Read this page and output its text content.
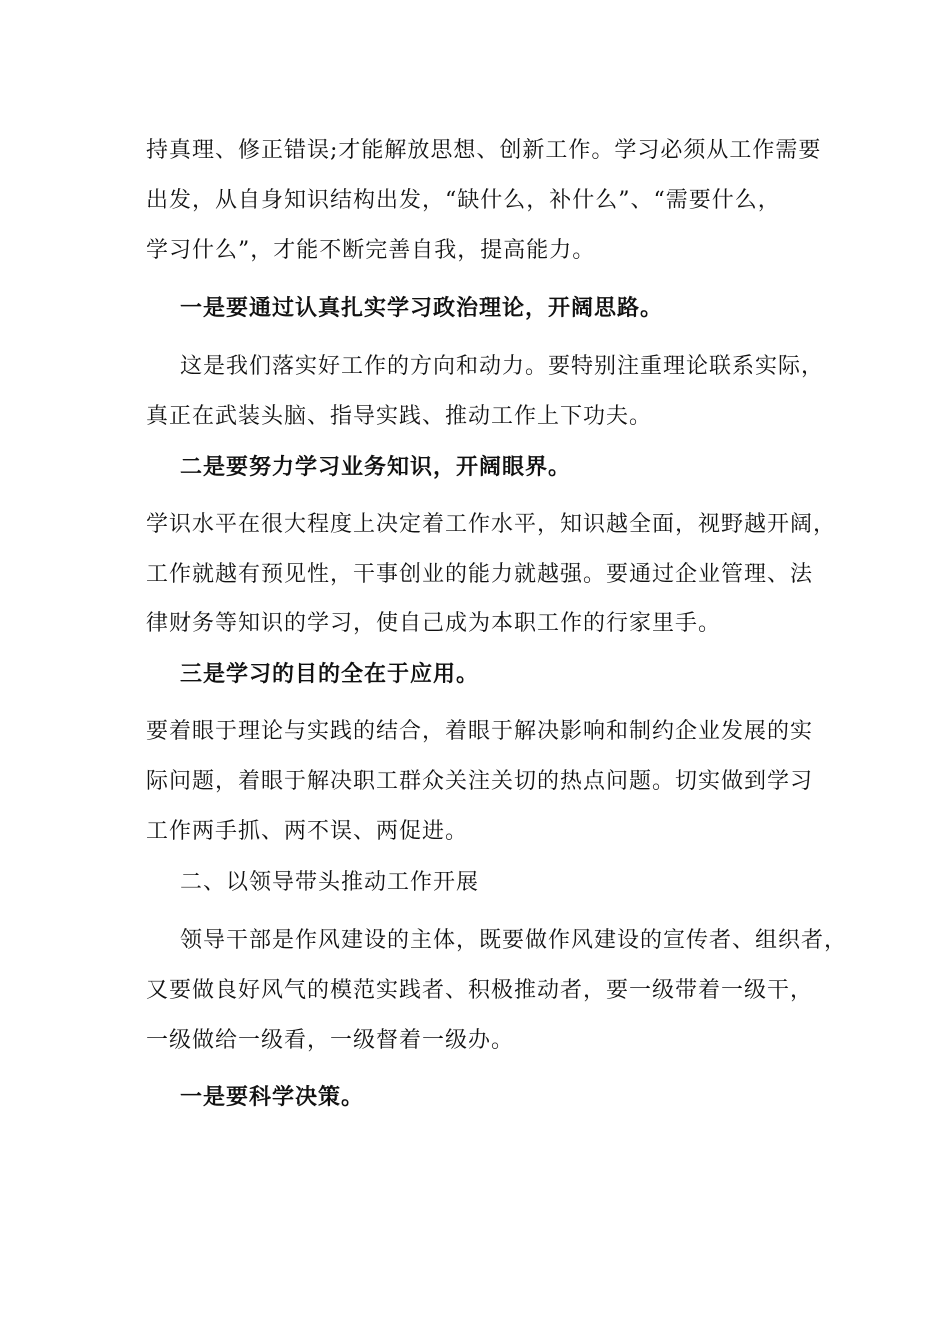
持真理、修正错误;才能解放思想、创新工作。学习必须从工作需要
出发，从自身知识结构出发，“缺什么，补什么”、“需要什么，
学习什么”，才能不断完善自我，提高能力。
一是要通过认真扎实学习政治理论，开阔思路。
这是我们落实好工作的方向和动力。要特别注重理论联系实际，
真正在武装头脑、指导实践、推动工作上下功夫。
二是要努力学习业务知识，开阔眼界。
学识水平在很大程度上决定着工作水平，知识越全面，视野越开阔，
工作就越有预见性，干事创业的能力就越强。要通过企业管理、法
律财务等知识的学习，使自己成为本职工作的行家里手。
三是学习的目的全在于应用。
要着眼于理论与实践的结合，着眼于解决影响和制约企业发展的实
际问题，着眼于解决职工群众关注关切的热点问题。切实做到学习
工作两手抓、两不误、两促进。
二、以领导带头推动工作开展
领导干部是作风建设的主体，既要做作风建设的宣传者、组织者，
又要做良好风气的模范实践者、积极推动者，要一级带着一级干，
一级做给一级看，一级督着一级办。
一是要科学决策。
